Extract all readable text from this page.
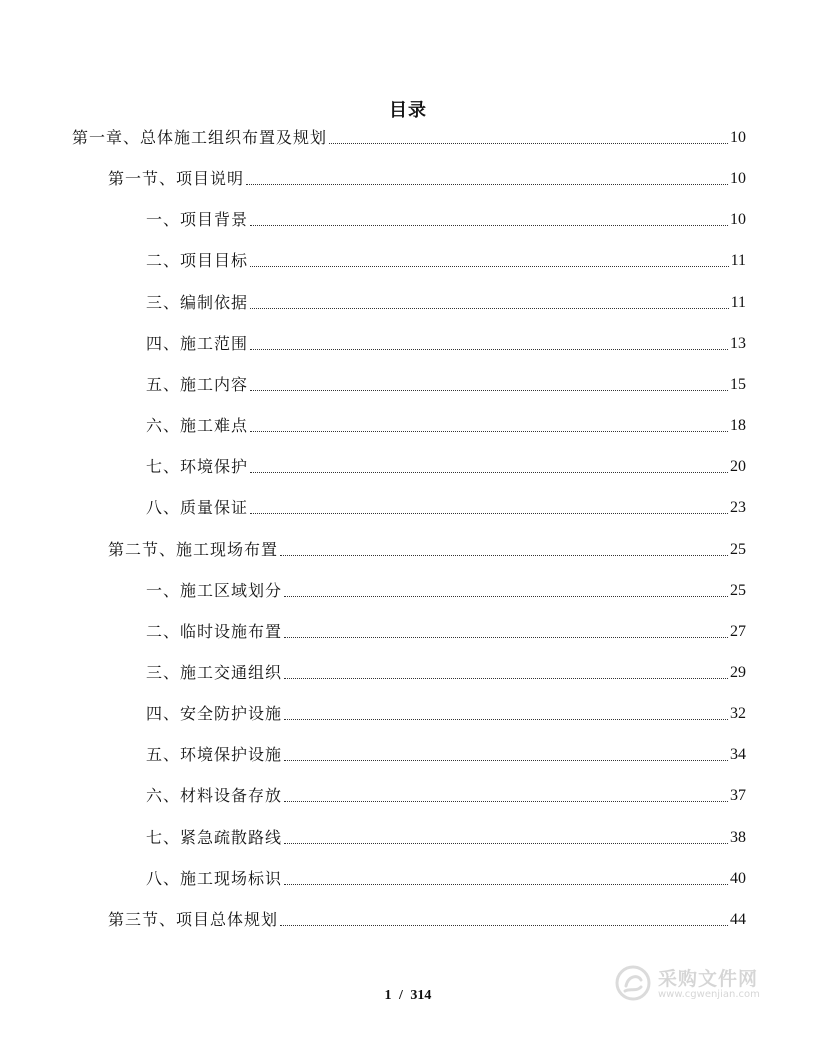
目录
第一章、总体施工组织布置及规划	10
第一节、项目说明	10
一、项目背景	10
二、项目目标	11
三、编制依据	11
四、施工范围	13
五、施工内容	15
六、施工难点	18
七、环境保护	20
八、质量保证	23
第二节、施工现场布置	25
一、施工区域划分	25
二、临时设施布置	27
三、施工交通组织	29
四、安全防护设施	32
五、环境保护设施	34
六、材料设备存放	37
七、紧急疏散路线	38
八、施工现场标识	40
第三节、项目总体规划	44
1 / 314
采购文件网
www.cgwenjian.com
